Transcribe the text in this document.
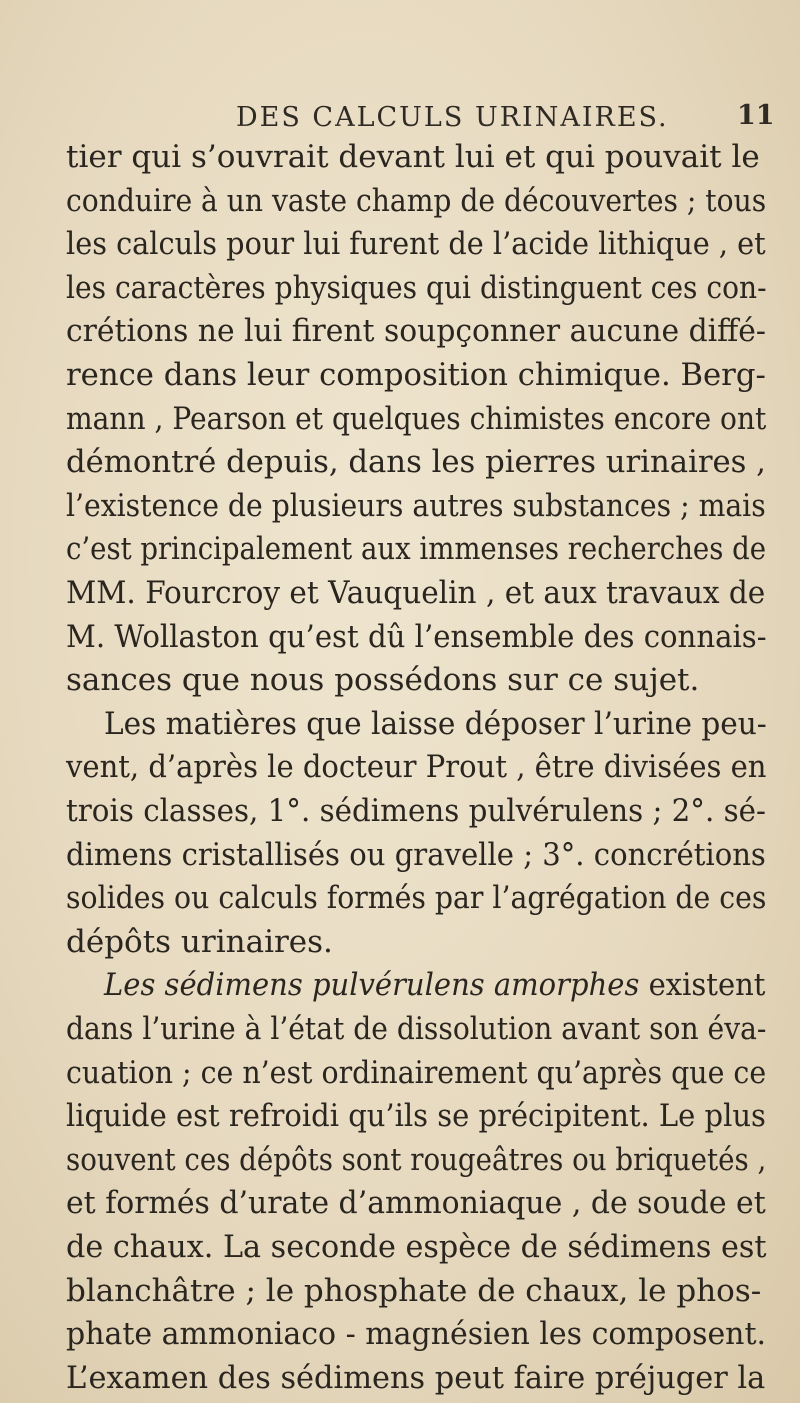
DES CALCULS URINAIRES.	11
tier qui s’ouvrait devant lui et qui pouvait le
conduire à un vaste champ de découvertes ; tous
les calculs pour lui furent de l’acide lithique , et
les caractères physiques qui distinguent ces con-
crétions ne lui firent soupçonner aucune diffé-
rence dans leur composition chimique. Berg-
mann , Pearson et quelques chimistes encore ont
démontré depuis, dans les pierres urinaires ,
l’existence de plusieurs autres substances ; mais
c’est principalement aux immenses recherches de
MM. Fourcroy et Vauquelin , et aux travaux de
M. Wollaston qu’est dû l’ensemble des connais-
sances que nous possédons sur ce sujet.
Les matières que laisse déposer l’urine peu-
vent, d’après le docteur Prout , être divisées en
trois classes, 1°. sédimens pulvérulens ; 2°. sé-
dimens cristallisés ou gravelle ; 3°. concrétions
solides ou calculs formés par l’agrégation de ces
dépôts urinaires.
Les sédimens pulvérulens amorphes existent
dans l’urine à l’état de dissolution avant son éva-
cuation ; ce n’est ordinairement qu’après que ce
liquide est refroidi qu’ils se précipitent. Le plus
souvent ces dépôts sont rougeâtres ou briquetés ,
et formés d’urate d’ammoniaque , de soude et
de chaux. La seconde espèce de sédimens est
blanchâtre ; le phosphate de chaux, le phos-
phate ammoniaco - magnésien les composent.
L’examen des sédimens peut faire préjuger la
